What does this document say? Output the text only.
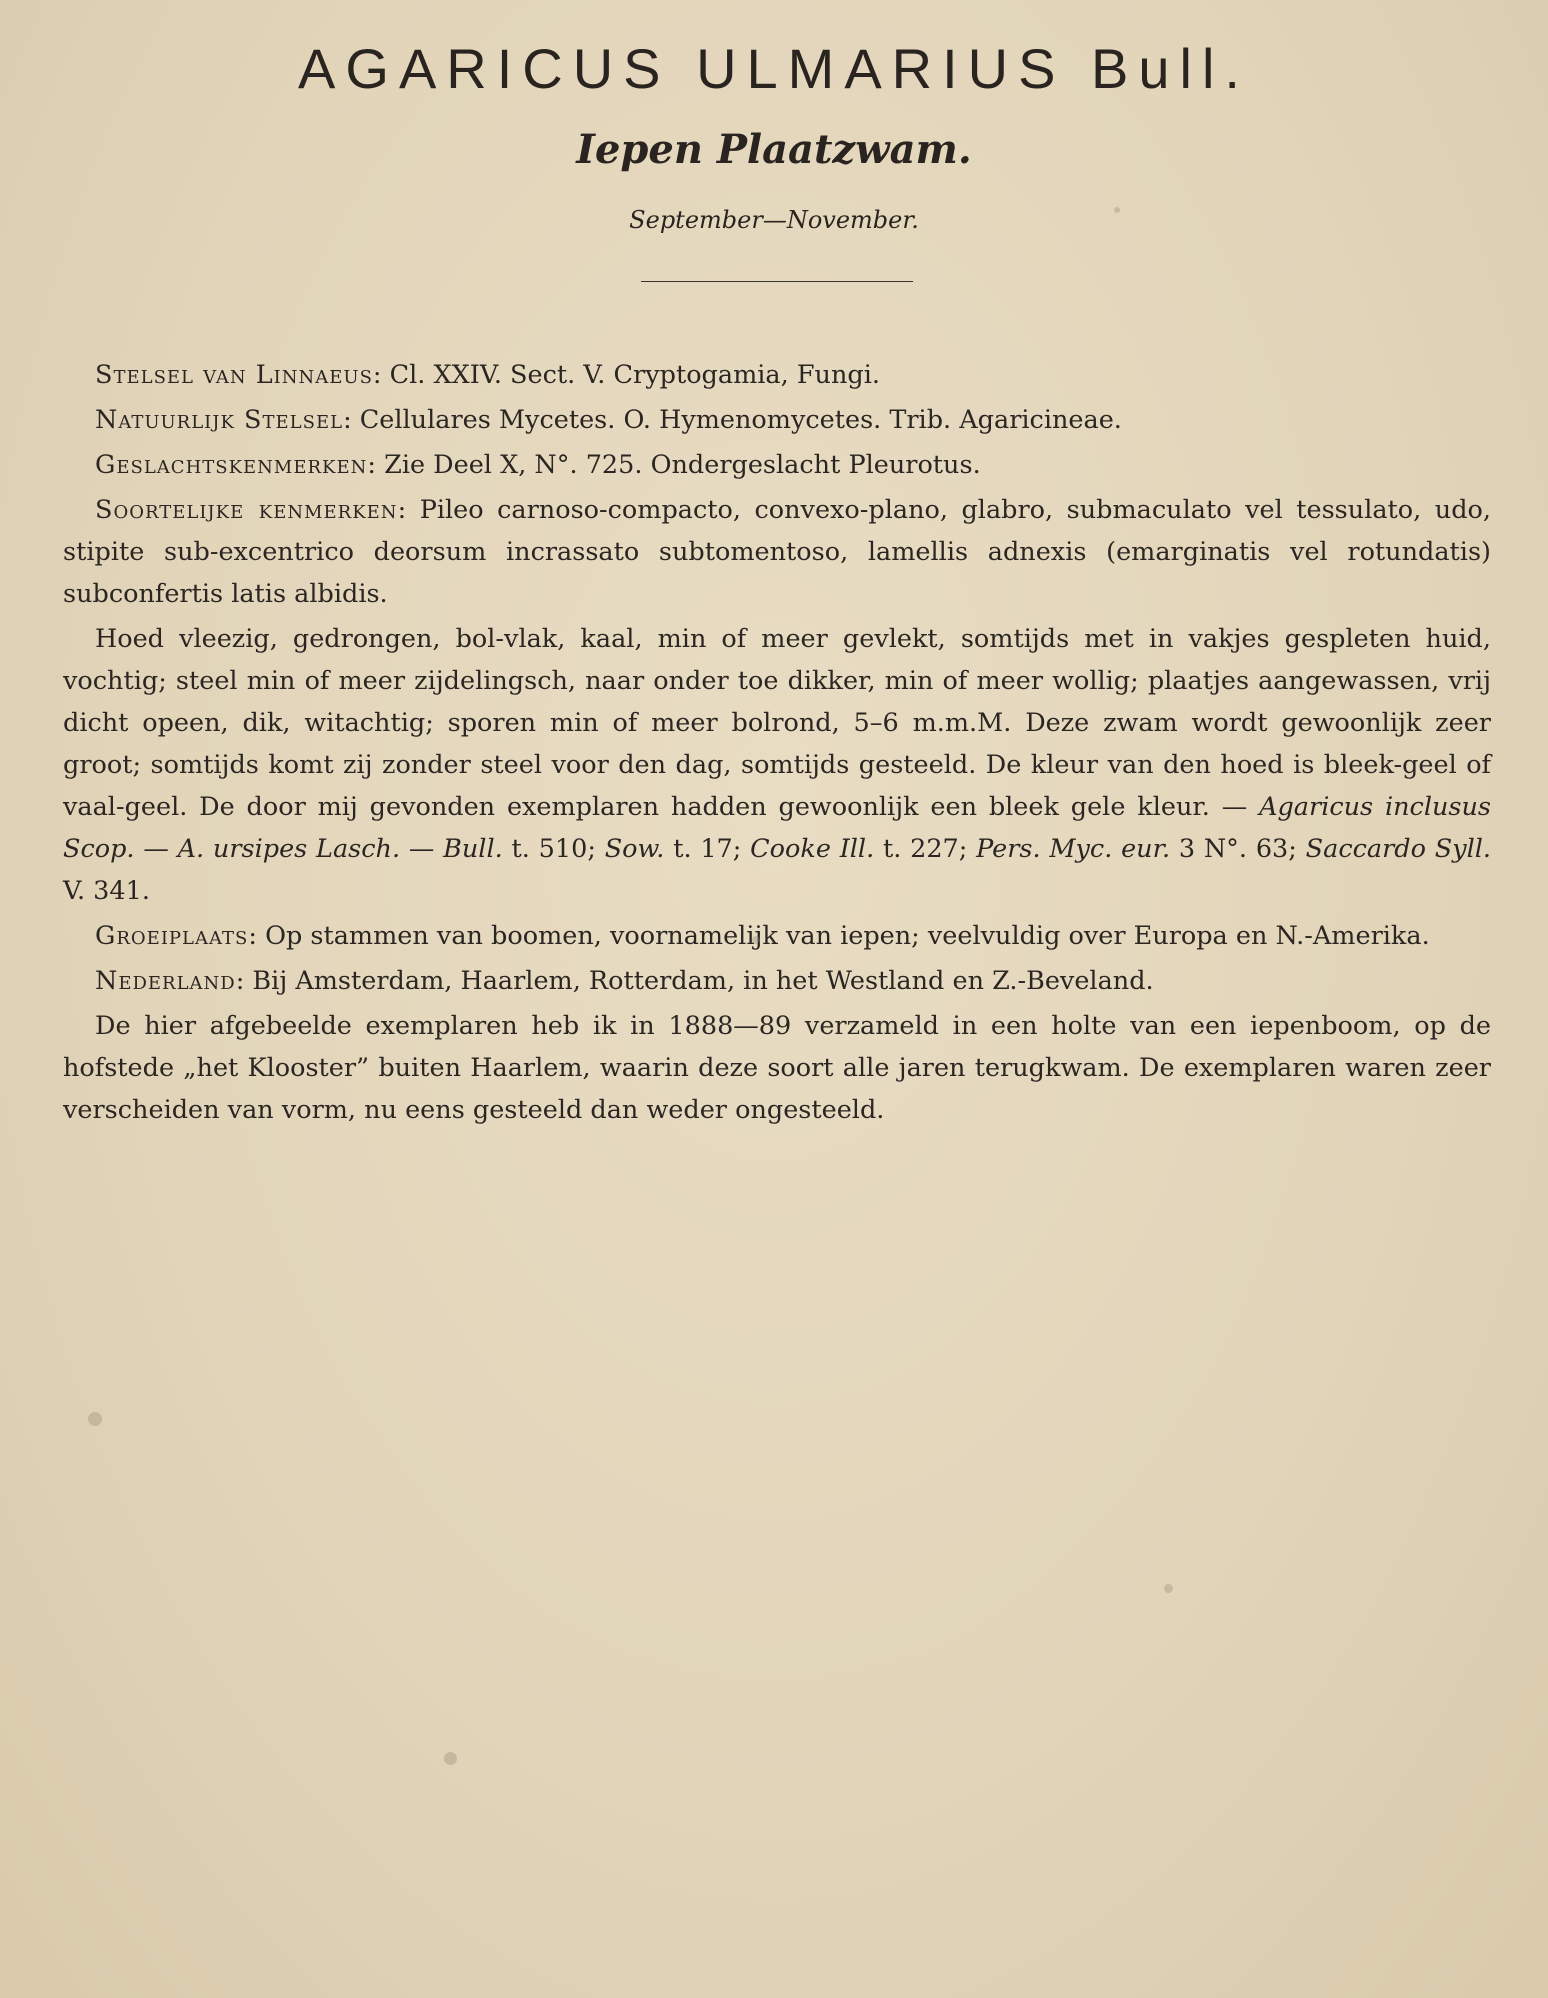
AGARICUS ULMARIUS Bull.
Iepen Plaatzwam.
September—November.

Stelsel van Linnaeus: Cl. XXIV. Sect. V. Cryptogamia, Fungi.

Natuurlijk Stelsel: Cellulares Mycetes. O. Hymenomycetes. Trib. Agaricineae.

Geslachtskenmerken: Zie Deel X, N°. 725. Ondergeslacht Pleurotus.

Soortelijke kenmerken: Pileo carnoso-compacto, convexo-plano, glabro, submaculato vel tessulato, udo, stipite sub-excentrico deorsum incrassato subtomentoso, lamellis adnexis (emarginatis vel rotundatis) subconfertis latis albidis.

Hoed vleezig, gedrongen, bol-vlak, kaal, min of meer gevlekt, somtijds met in vakjes gespleten huid, vochtig; steel min of meer zijdelingsch, naar onder toe dikker, min of meer wollig; plaatjes aangewassen, vrij dicht opeen, dik, witachtig; sporen min of meer bolrond, 5–6 m.m.M. Deze zwam wordt gewoonlijk zeer groot; somtijds komt zij zonder steel voor den dag, somtijds gesteeld. De kleur van den hoed is bleek-geel of vaal-geel. De door mij gevonden exemplaren hadden gewoonlijk een bleek gele kleur. — Agaricus inclusus Scop. — A. ursipes Lasch. — Bull. t. 510; Sow. t. 17; Cooke Ill. t. 227; Pers. Myc. eur. 3 N°. 63; Saccardo Syll. V. 341.

Groeiplaats: Op stammen van boomen, voornamelijk van iepen; veelvuldig over Europa en N.-Amerika.

Nederland: Bij Amsterdam, Haarlem, Rotterdam, in het Westland en Z.-Beveland.

De hier afgebeelde exemplaren heb ik in 1888—89 verzameld in een holte van een iepenboom, op de hofstede „het Klooster” buiten Haarlem, waarin deze soort alle jaren terugkwam. De exemplaren waren zeer verscheiden van vorm, nu eens gesteeld dan weder ongesteeld.
